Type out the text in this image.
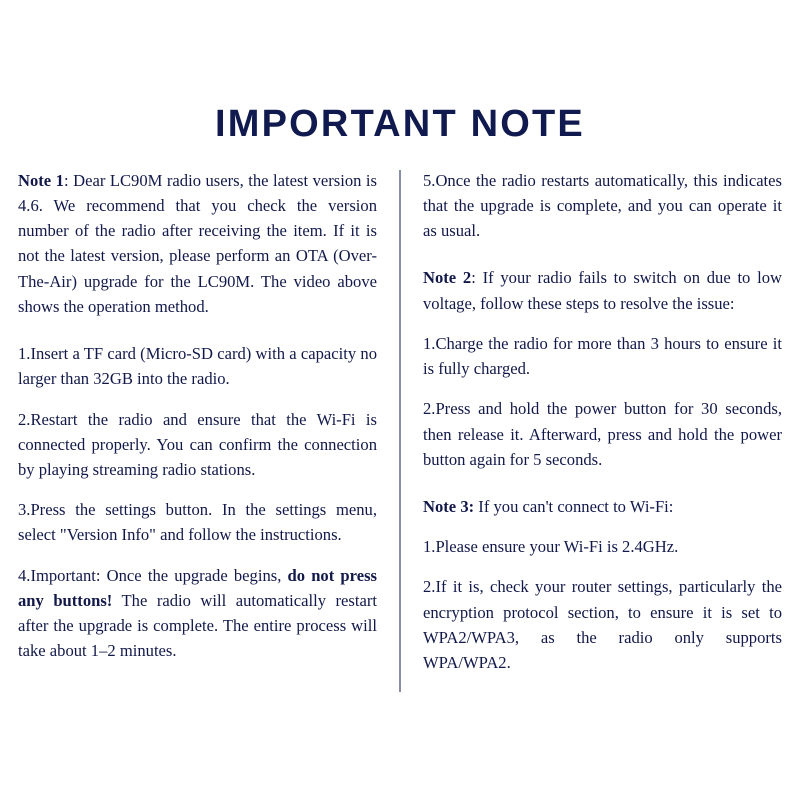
IMPORTANT NOTE

Note 1: Dear LC90M radio users, the latest version is 4.6. We recommend that you check the version number of the radio after receiving the item. If it is not the latest version, please perform an OTA (Over-The-Air) upgrade for the LC90M. The video above shows the operation method.

1.Insert a TF card (Micro-SD card) with a capacity no larger than 32GB into the radio.

2.Restart the radio and ensure that the Wi-Fi is connected properly. You can confirm the connection by playing streaming radio stations.

3.Press the settings button. In the settings menu, select "Version Info" and follow the instructions.

4.Important: Once the upgrade begins, do not press any buttons! The radio will automatically restart after the upgrade is complete. The entire process will take about 1–2 minutes.

5.Once the radio restarts automatically, this indicates that the upgrade is complete, and you can operate it as usual.

Note 2: If your radio fails to switch on due to low voltage, follow these steps to resolve the issue:

1.Charge the radio for more than 3 hours to ensure it is fully charged.

2.Press and hold the power button for 30 seconds, then release it. Afterward, press and hold the power button again for 5 seconds.

Note 3: If you can't connect to Wi-Fi:

1.Please ensure your Wi-Fi is 2.4GHz.

2.If it is, check your router settings, particularly the encryption protocol section, to ensure it is set to WPA2/WPA3, as the radio only supports WPA/WPA2.
